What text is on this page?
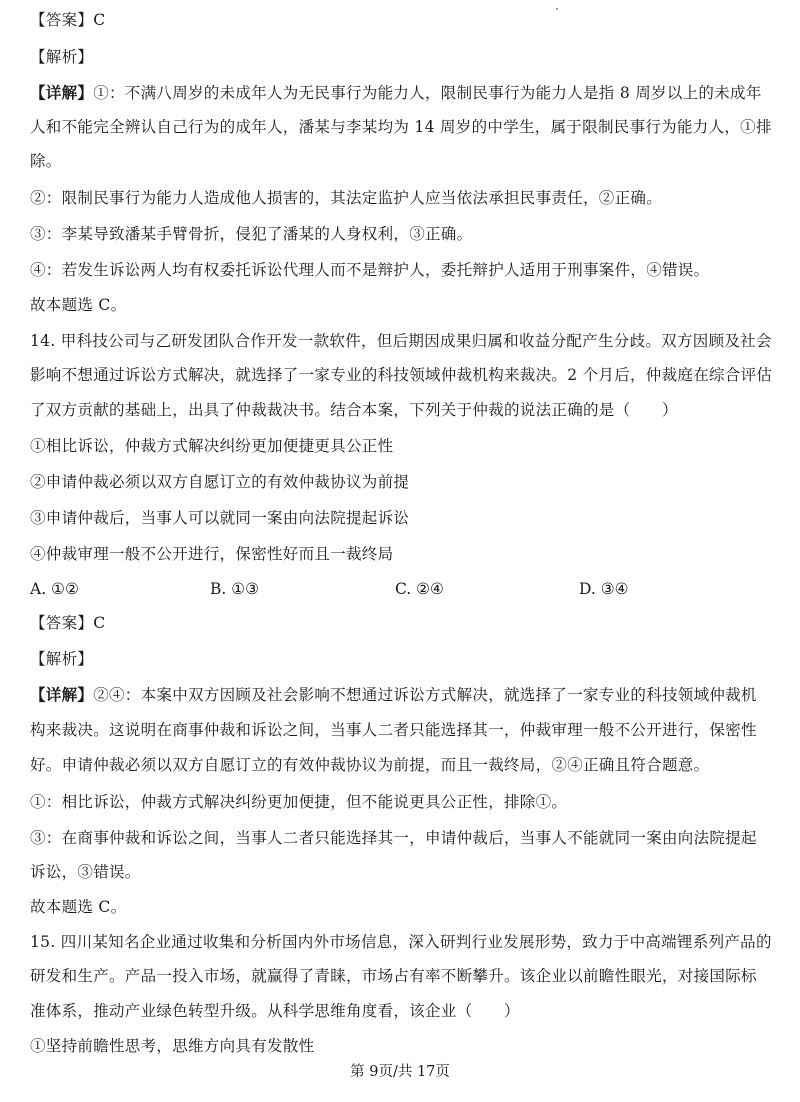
【答案】C
【解析】
【详解】①：不满八周岁的未成年人为无民事行为能力人，限制民事行为能力人是指 8 周岁以上的未成年
人和不能完全辨认自己行为的成年人，潘某与李某均为 14 周岁的中学生，属于限制民事行为能力人，①排
除。
②：限制民事行为能力人造成他人损害的，其法定监护人应当依法承担民事责任，②正确。
③：李某导致潘某手臂骨折，侵犯了潘某的人身权利，③正确。
④：若发生诉讼两人均有权委托诉讼代理人而不是辩护人，委托辩护人适用于刑事案件，④错误。
故本题选 C。
14. 甲科技公司与乙研发团队合作开发一款软件，但后期因成果归属和收益分配产生分歧。双方因顾及社会
影响不想通过诉讼方式解决，就选择了一家专业的科技领域仲裁机构来裁决。2 个月后，仲裁庭在综合评估
了双方贡献的基础上，出具了仲裁裁决书。结合本案，下列关于仲裁的说法正确的是（　　）
①相比诉讼，仲裁方式解决纠纷更加便捷更具公正性
②申请仲裁必须以双方自愿订立的有效仲裁协议为前提
③申请仲裁后，当事人可以就同一案由向法院提起诉讼
④仲裁审理一般不公开进行，保密性好而且一裁终局
A. ①②	B. ①③	C. ②④	D. ③④
【答案】C
【解析】
【详解】②④：本案中双方因顾及社会影响不想通过诉讼方式解决，就选择了一家专业的科技领域仲裁机
构来裁决。这说明在商事仲裁和诉讼之间，当事人二者只能选择其一，仲裁审理一般不公开进行，保密性
好。申请仲裁必须以双方自愿订立的有效仲裁协议为前提，而且一裁终局，②④正确且符合题意。
①：相比诉讼，仲裁方式解决纠纷更加便捷，但不能说更具公正性，排除①。
③：在商事仲裁和诉讼之间，当事人二者只能选择其一，申请仲裁后，当事人不能就同一案由向法院提起
诉讼，③错误。
故本题选 C。
15. 四川某知名企业通过收集和分析国内外市场信息，深入研判行业发展形势，致力于中高端锂系列产品的
研发和生产。产品一投入市场，就赢得了青睐，市场占有率不断攀升。该企业以前瞻性眼光，对接国际标
准体系，推动产业绿色转型升级。从科学思维角度看，该企业（　　）
①坚持前瞻性思考，思维方向具有发散性
第 9页/共 17页
